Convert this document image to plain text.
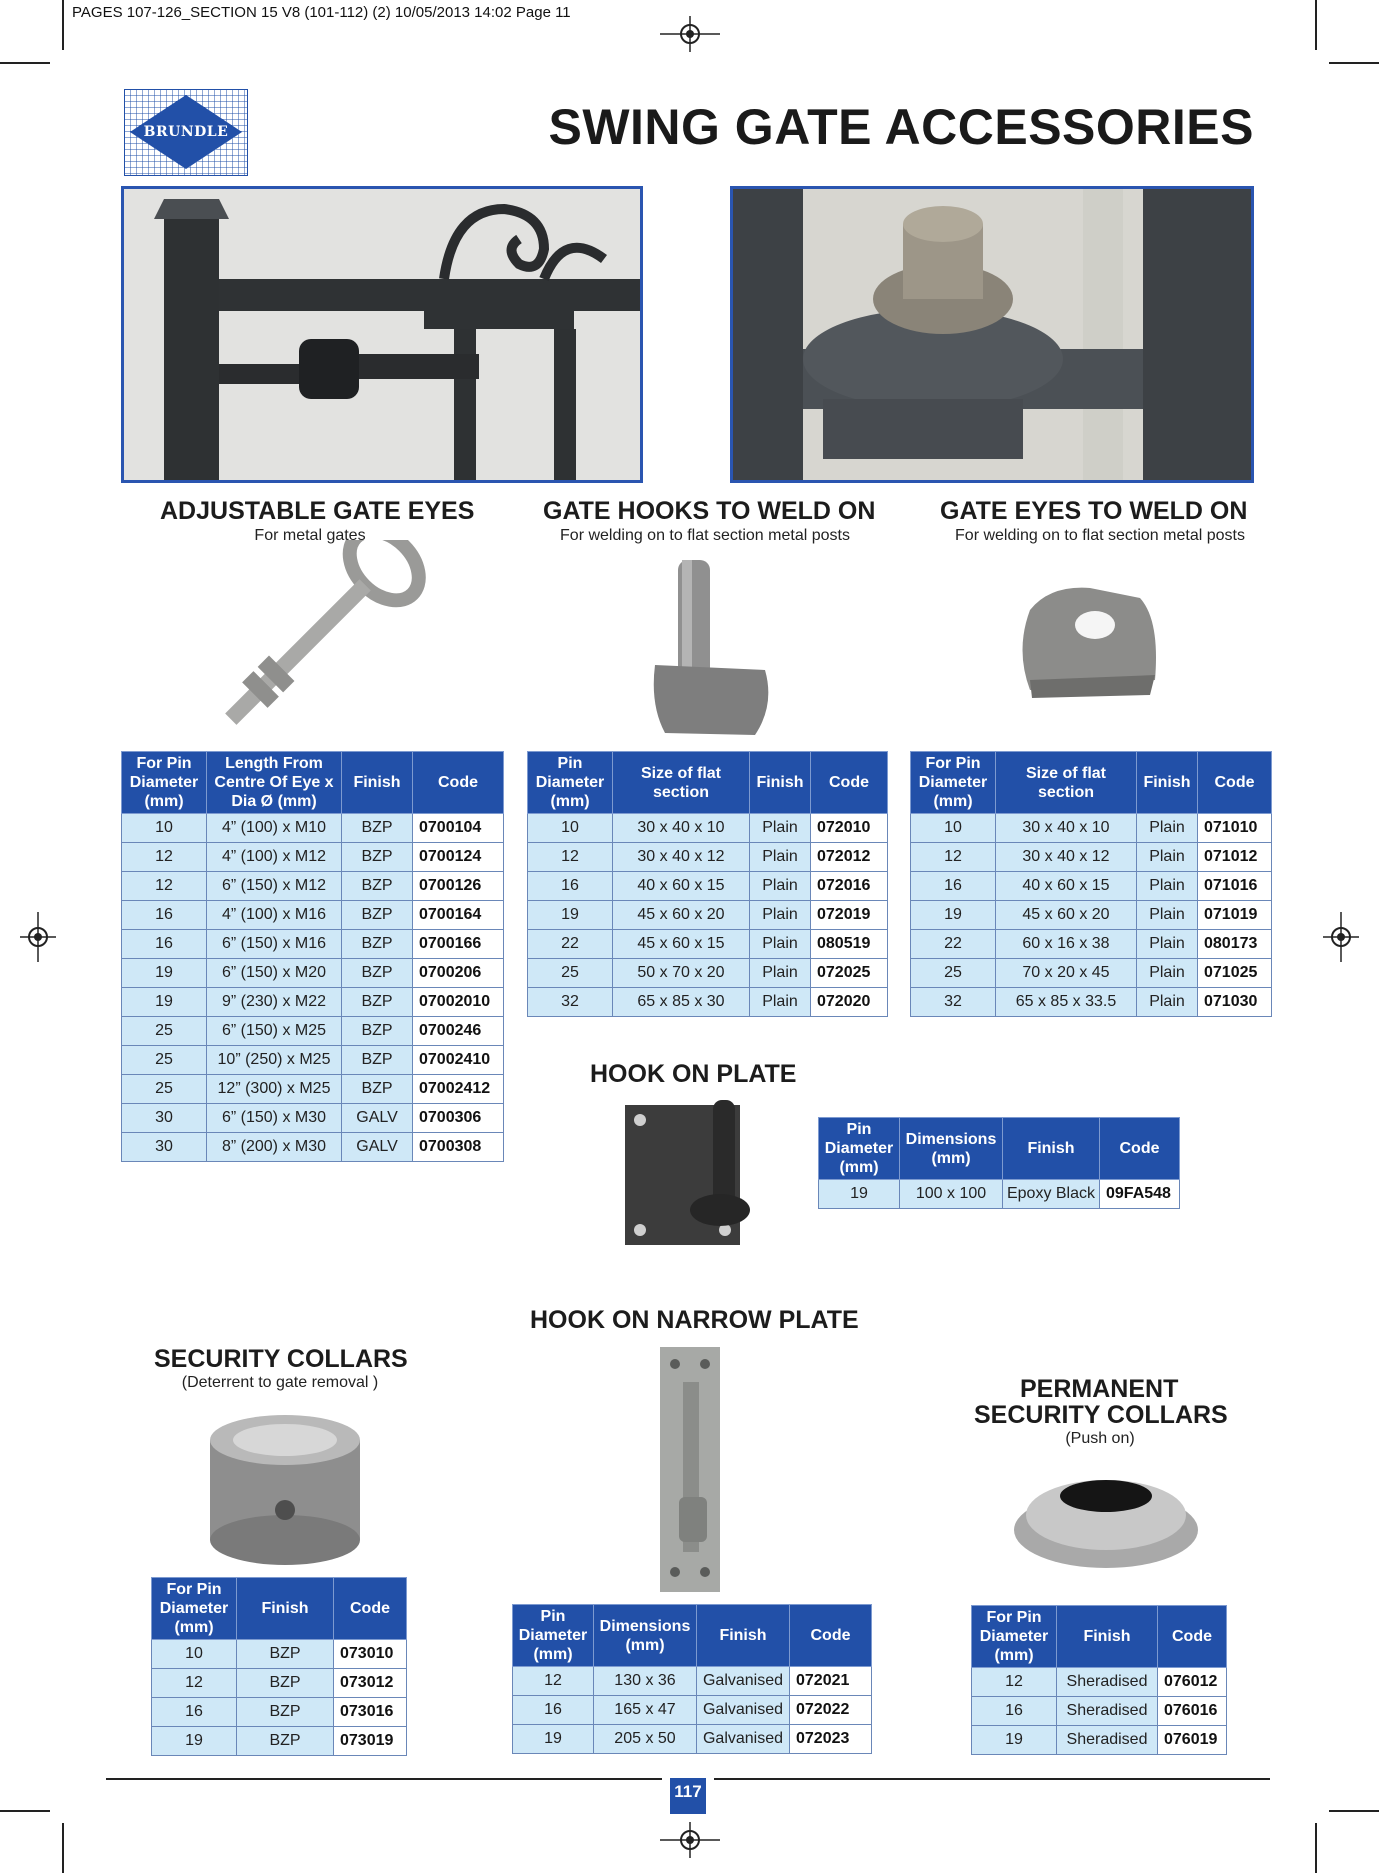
PAGES 107-126_SECTION 15 V8 (101-112) (2) 10/05/2013 14:02 Page 11
BRUNDLE	SWING GATE ACCESSORIES
ADJUSTABLE GATE EYES
For metal gates
GATE HOOKS TO WELD ON
For welding on to flat section metal posts
GATE EYES TO WELD ON
For welding on to flat section metal posts
For Pin Diameter (mm)	Length From Centre Of Eye x Dia Ø (mm)	Finish	Code
10	4” (100) x M10	BZP	0700104
12	4” (100) x M12	BZP	0700124
12	6” (150) x M12	BZP	0700126
16	4” (100) x M16	BZP	0700164
16	6” (150) x M16	BZP	0700166
19	6” (150) x M20	BZP	0700206
19	9” (230) x M22	BZP	07002010
25	6” (150) x M25	BZP	0700246
25	10” (250) x M25	BZP	07002410
25	12” (300) x M25	BZP	07002412
30	6” (150) x M30	GALV	0700306
30	8” (200) x M30	GALV	0700308
Pin Diameter (mm)	Size of flat section	Finish	Code
10	30 x 40 x 10	Plain	072010
12	30 x 40 x 12	Plain	072012
16	40 x 60 x 15	Plain	072016
19	45 x 60 x 20	Plain	072019
22	45 x 60 x 15	Plain	080519
25	50 x 70 x 20	Plain	072025
32	65 x 85 x 30	Plain	072020
For Pin Diameter (mm)	Size of flat section	Finish	Code
10	30 x 40 x 10	Plain	071010
12	30 x 40 x 12	Plain	071012
16	40 x 60 x 15	Plain	071016
19	45 x 60 x 20	Plain	071019
22	60 x 16 x 38	Plain	080173
25	70 x 20 x 45	Plain	071025
32	65 x 85 x 33.5	Plain	071030
HOOK ON PLATE
Pin Diameter (mm)	Dimensions (mm)	Finish	Code
19	100 x 100	Epoxy Black	09FA548
HOOK ON NARROW PLATE
Pin Diameter (mm)	Dimensions (mm)	Finish	Code
12	130 x 36	Galvanised	072021
16	165 x 47	Galvanised	072022
19	205 x 50	Galvanised	072023
SECURITY COLLARS
(Deterrent to gate removal )
For Pin Diameter (mm)	Finish	Code
10	BZP	073010
12	BZP	073012
16	BZP	073016
19	BZP	073019
PERMANENT
SECURITY COLLARS
(Push on)
For Pin Diameter (mm)	Finish	Code
12	Sheradised	076012
16	Sheradised	076016
19	Sheradised	076019
117
